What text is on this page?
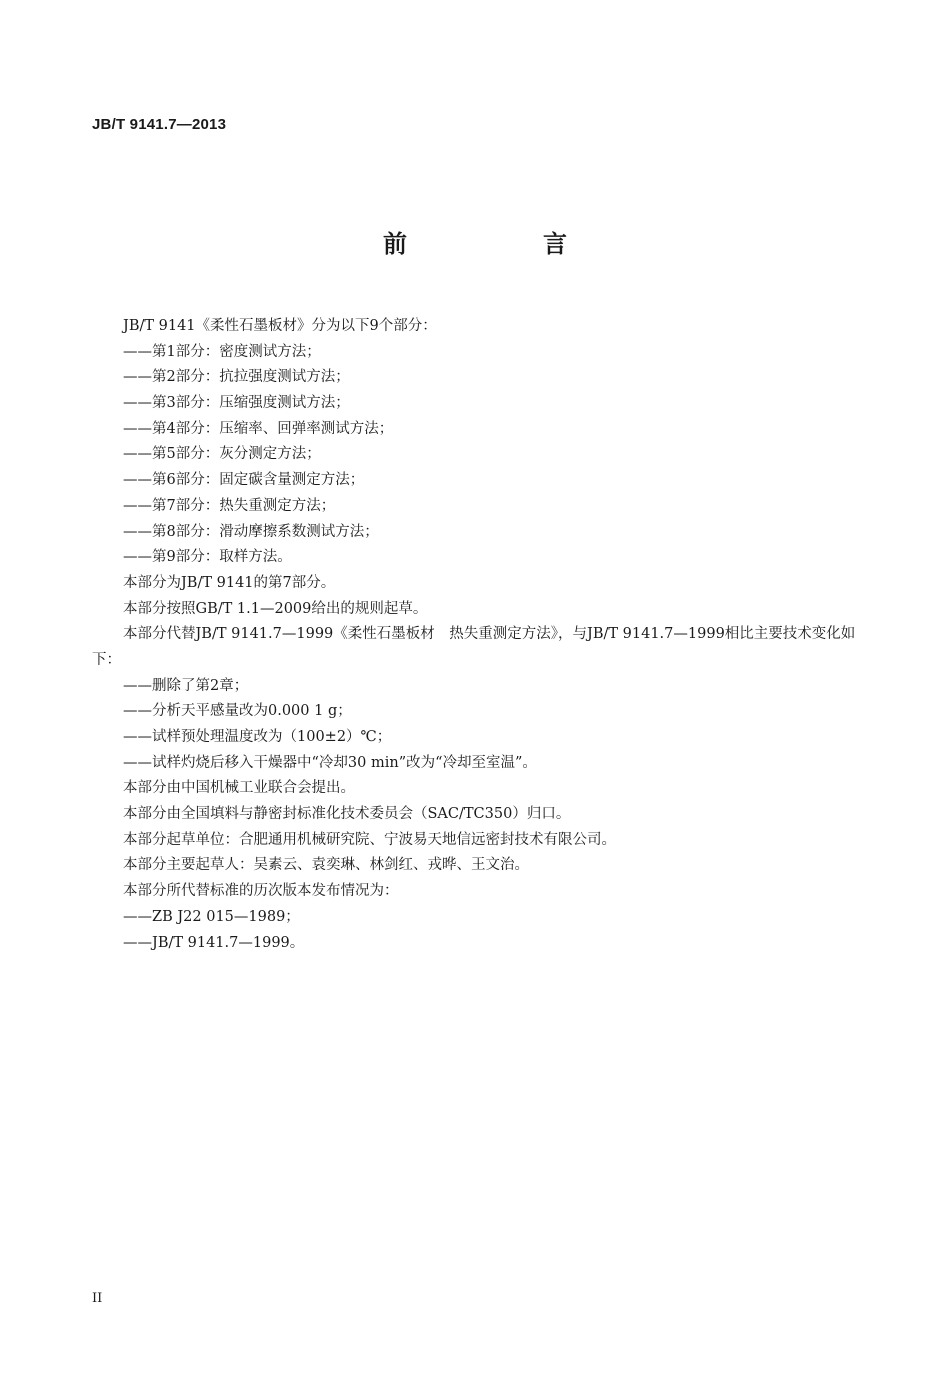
JB/T 9141.7—2013
前　言
JB/T 9141《柔性石墨板材》分为以下9个部分：
——第1部分：密度测试方法；
——第2部分：抗拉强度测试方法；
——第3部分：压缩强度测试方法；
——第4部分：压缩率、回弹率测试方法；
——第5部分：灰分测定方法；
——第6部分：固定碳含量测定方法；
——第7部分：热失重测定方法；
——第8部分：滑动摩擦系数测试方法；
——第9部分：取样方法。
本部分为JB/T 9141的第7部分。
本部分按照GB/T 1.1—2009给出的规则起草。
本部分代替JB/T 9141.7—1999《柔性石墨板材　热失重测定方法》，与JB/T 9141.7—1999相比主要技术变化如下：
——删除了第2章；
——分析天平感量改为0.000 1 g；
——试样预处理温度改为（100±2）℃；
——试样灼烧后移入干燥器中“冷却30 min”改为“冷却至室温”。
本部分由中国机械工业联合会提出。
本部分由全国填料与静密封标准化技术委员会（SAC/TC350）归口。
本部分起草单位：合肥通用机械研究院、宁波易天地信远密封技术有限公司。
本部分主要起草人：吴素云、袁奕琳、林剑红、戎晔、王文治。
本部分所代替标准的历次版本发布情况为：
——ZB J22 015—1989；
——JB/T 9141.7—1999。
II
